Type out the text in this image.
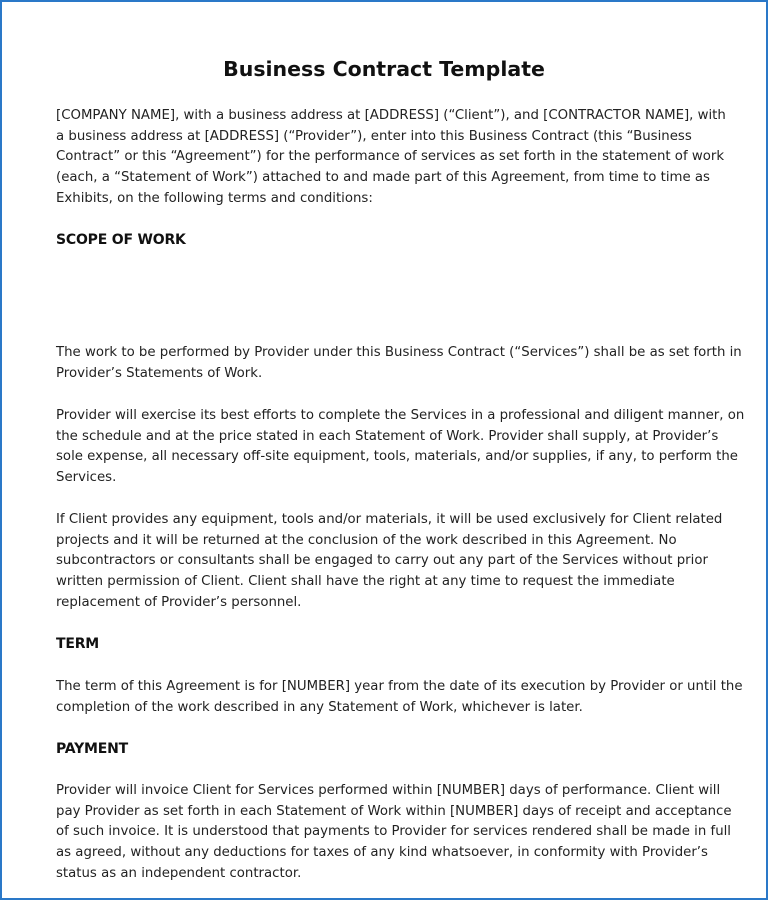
Business Contract Template

[COMPANY NAME], with a business address at [ADDRESS] (“Client”), and [CONTRACTOR NAME], with
a business address at [ADDRESS] (“Provider”), enter into this Business Contract (this “Business
Contract” or this “Agreement”) for the performance of services as set forth in the statement of work
(each, a “Statement of Work”) attached to and made part of this Agreement, from time to time as
Exhibits, on the following terms and conditions:

SCOPE OF WORK

The work to be performed by Provider under this Business Contract (“Services”) shall be as set forth in
Provider’s Statements of Work.

Provider will exercise its best efforts to complete the Services in a professional and diligent manner, on
the schedule and at the price stated in each Statement of Work. Provider shall supply, at Provider’s
sole expense, all necessary off-site equipment, tools, materials, and/or supplies, if any, to perform the
Services.

If Client provides any equipment, tools and/or materials, it will be used exclusively for Client related
projects and it will be returned at the conclusion of the work described in this Agreement. No
subcontractors or consultants shall be engaged to carry out any part of the Services without prior
written permission of Client. Client shall have the right at any time to request the immediate
replacement of Provider’s personnel.

TERM

The term of this Agreement is for [NUMBER] year from the date of its execution by Provider or until the
completion of the work described in any Statement of Work, whichever is later.

PAYMENT

Provider will invoice Client for Services performed within [NUMBER] days of performance. Client will
pay Provider as set forth in each Statement of Work within [NUMBER] days of receipt and acceptance
of such invoice. It is understood that payments to Provider for services rendered shall be made in full
as agreed, without any deductions for taxes of any kind whatsoever, in conformity with Provider’s
status as an independent contractor.
